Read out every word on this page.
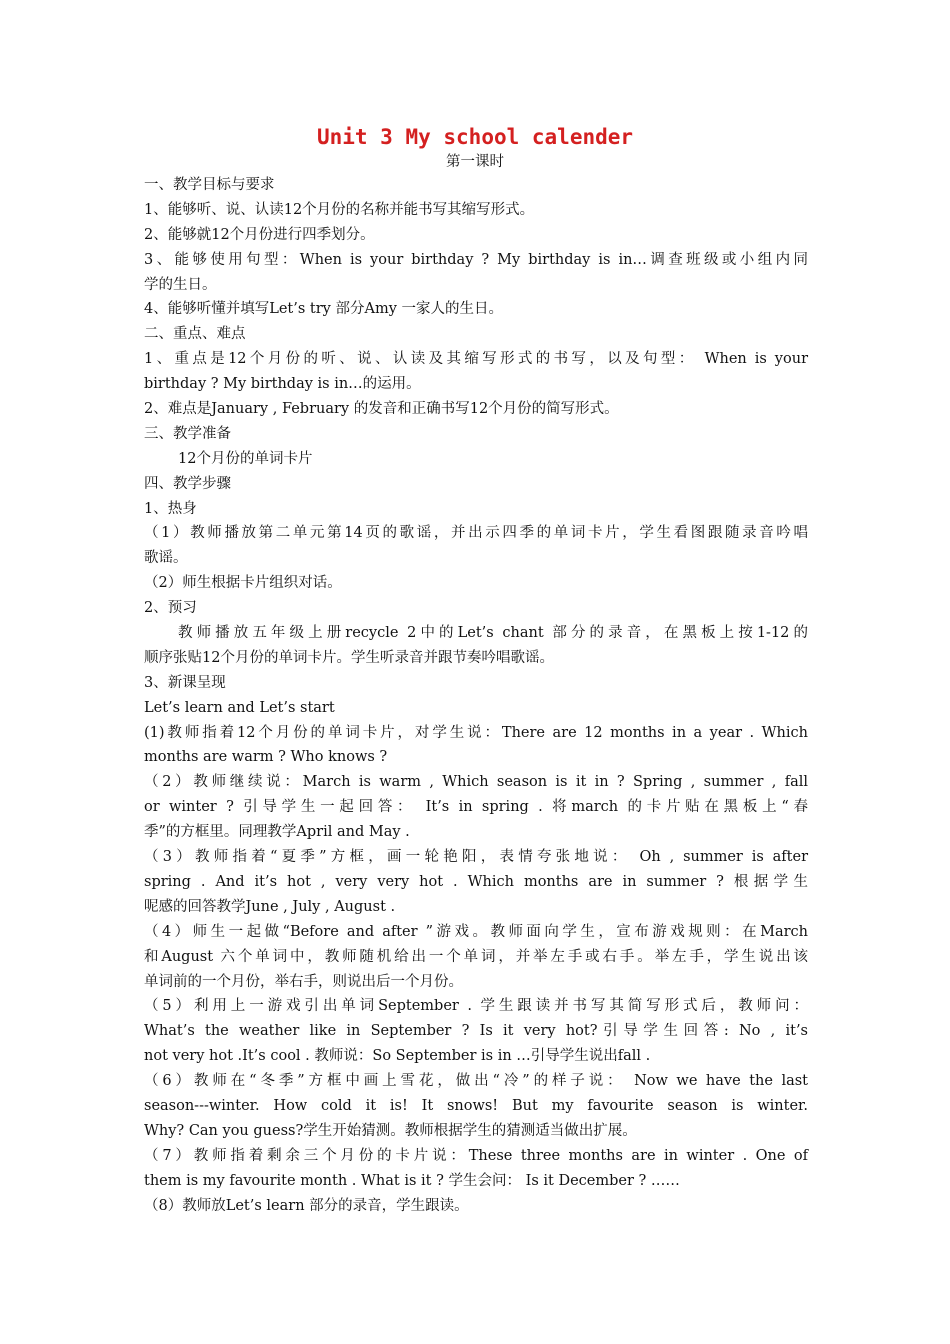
Unit 3 My school calender
第一课时
一、教学目标与要求
1、能够听、说、认读12个月份的名称并能书写其缩写形式。
2、能够就12个月份进行四季划分。
3、能够使用句型：When is your birthday ? My birthday is in…调查班级或小组内同
学的生日。
4、能够听懂并填写Let’s try 部分Amy 一家人的生日。
二、重点、难点
1、重点是12个月份的听、说、认读及其缩写形式的书写，以及句型： When is your
birthday ? My birthday is in…的运用。
2、难点是January , February 的发音和正确书写12个月份的简写形式。
三、教学准备
12个月份的单词卡片
四、教学步骤
1、热身
（1）教师播放第二单元第14页的歌谣，并出示四季的单词卡片，学生看图跟随录音吟唱
歌谣。
（2）师生根据卡片组织对话。
2、预习
教师播放五年级上册recycle 2中的Let’s chant 部分的录音，在黑板上按1-12的
顺序张贴12个月份的单词卡片。学生听录音并跟节奏吟唱歌谣。
3、新课呈现
Let’s learn and Let’s start
(1)教师指着12个月份的单词卡片，对学生说：There are 12 months in a year . Which
months are warm ? Who knows ?
（2）教师继续说：March is warm , Which season is it in ? Spring , summer , fall
or winter ? 引导学生一起回答： It’s in spring . 将march 的卡片贴在黑板上“春
季”的方框里。同理教学April and May .
（3）教师指着“夏季”方框，画一轮艳阳，表情夸张地说： Oh , summer is after
spring . And it’s hot , very very hot . Which months are in summer ? 根据学生
呢感的回答教学June , July , August .
（4）师生一起做“Before and after ”游戏。教师面向学生，宣布游戏规则：在March
和August 六个单词中，教师随机给出一个单词，并举左手或右手。举左手，学生说出该
单词前的一个月份，举右手，则说出后一个月份。
（5）利用上一游戏引出单词September . 学生跟读并书写其简写形式后，教师问：
What’s the weather like in September ? Is it very hot?引导学生回答: No , it’s
not very hot .It’s cool . 教师说：So September is in …引导学生说出fall .
（6）教师在“冬季”方框中画上雪花，做出“冷”的样子说： Now we have the last
season---winter. How cold it is! It snows! But my favourite season is winter.
Why? Can you guess?学生开始猜测。教师根据学生的猜测适当做出扩展。
（7）教师指着剩余三个月份的卡片说：These three months are in winter . One of
them is my favourite month . What is it ? 学生会问： Is it December ? ……
（8）教师放Let’s learn 部分的录音，学生跟读。
